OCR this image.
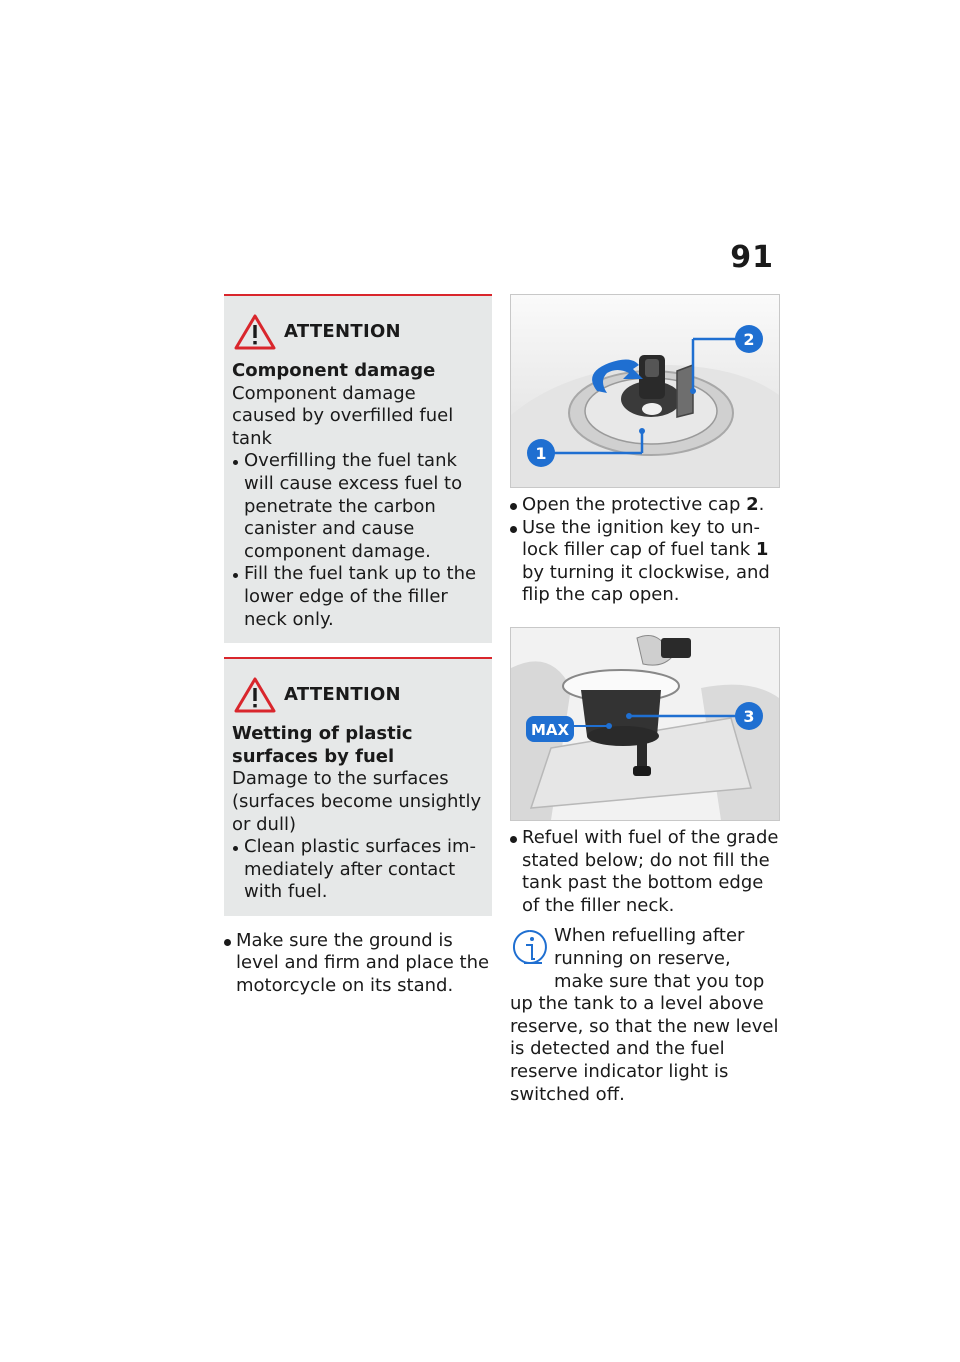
91
ATTENTION
Component damage
Component damage caused by overfilled fuel tank
Overfilling the fuel tank will cause excess fuel to penetrate the carbon canister and cause component damage.
Fill the fuel tank up to the lower edge of the filler neck only.
ATTENTION
Wetting of plastic surfaces by fuel
Damage to the surfaces (surfaces become unsightly or dull)
Clean plastic surfaces immediately after contact with fuel.
Make sure the ground is level and firm and place the motorcycle on its stand.
1
2
Open the protective cap 2.
Use the ignition key to unlock filler cap of fuel tank 1 by turning it clockwise, and flip the cap open.
MAX
3
Refuel with fuel of the grade stated below; do not fill the tank past the bottom edge of the filler neck.
When refuelling after running on reserve, make sure that you top up the tank to a level above reserve, so that the new level is detected and the fuel reserve indicator light is switched off.
